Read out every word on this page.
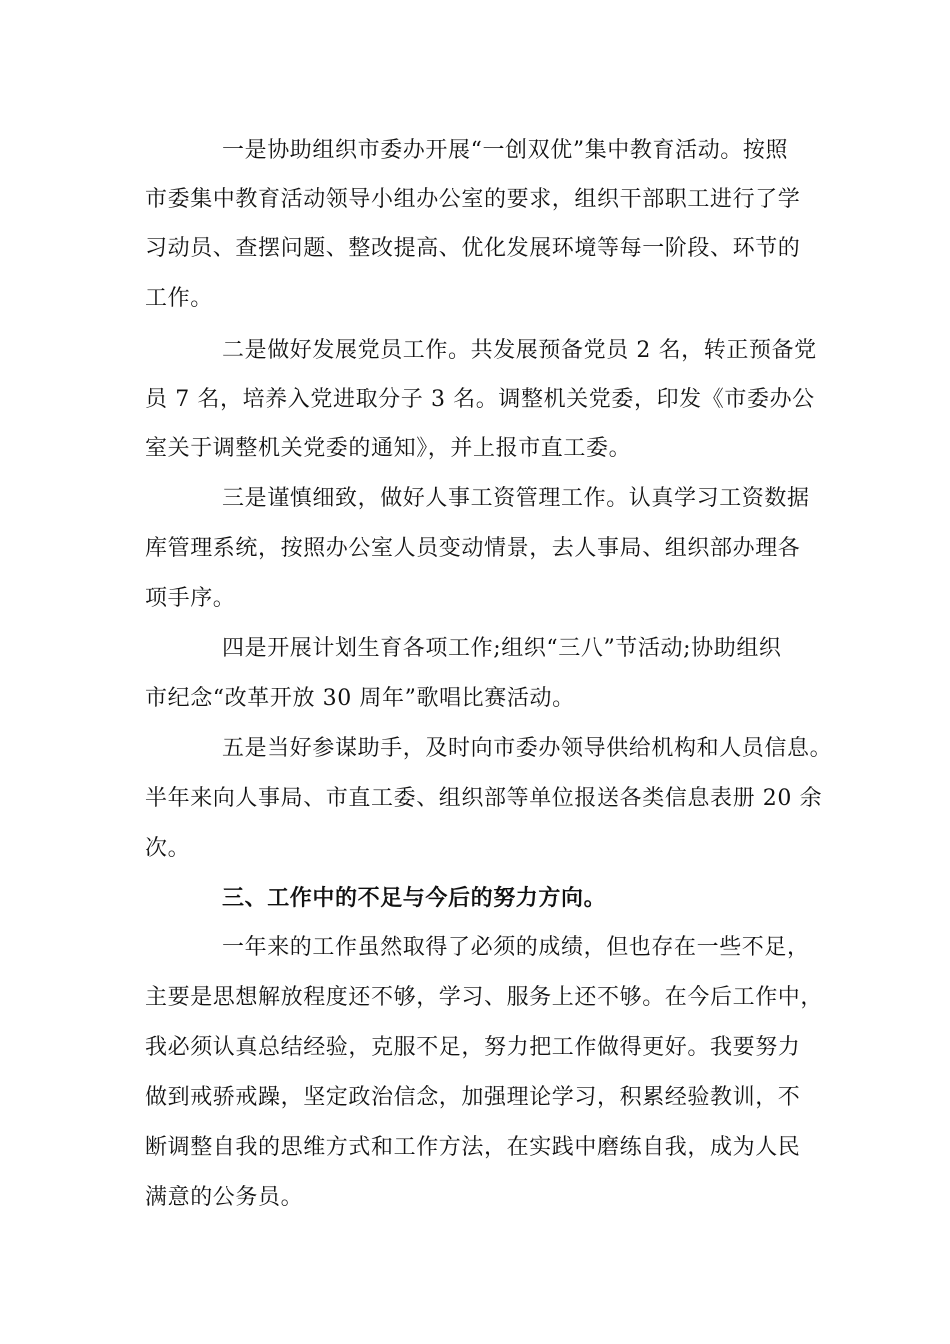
一是协助组织市委办开展“一创双优”集中教育活动。按照
市委集中教育活动领导小组办公室的要求，组织干部职工进行了学
习动员、查摆问题、整改提高、优化发展环境等每一阶段、环节的
工作。
二是做好发展党员工作。共发展预备党员 2 名，转正预备党
员 7 名，培养入党进取分子 3 名。调整机关党委，印发《市委办公
室关于调整机关党委的通知》，并上报市直工委。
三是谨慎细致，做好人事工资管理工作。认真学习工资数据
库管理系统，按照办公室人员变动情景，去人事局、组织部办理各
项手序。
四是开展计划生育各项工作;组织“三八”节活动;协助组织
市纪念“改革开放 30 周年”歌唱比赛活动。
五是当好参谋助手，及时向市委办领导供给机构和人员信息。
半年来向人事局、市直工委、组织部等单位报送各类信息表册 20 余
次。
三、工作中的不足与今后的努力方向。
一年来的工作虽然取得了必须的成绩，但也存在一些不足，
主要是思想解放程度还不够，学习、服务上还不够。在今后工作中，
我必须认真总结经验，克服不足，努力把工作做得更好。我要努力
做到戒骄戒躁，坚定政治信念，加强理论学习，积累经验教训，不
断调整自我的思维方式和工作方法，在实践中磨练自我，成为人民
满意的公务员。
